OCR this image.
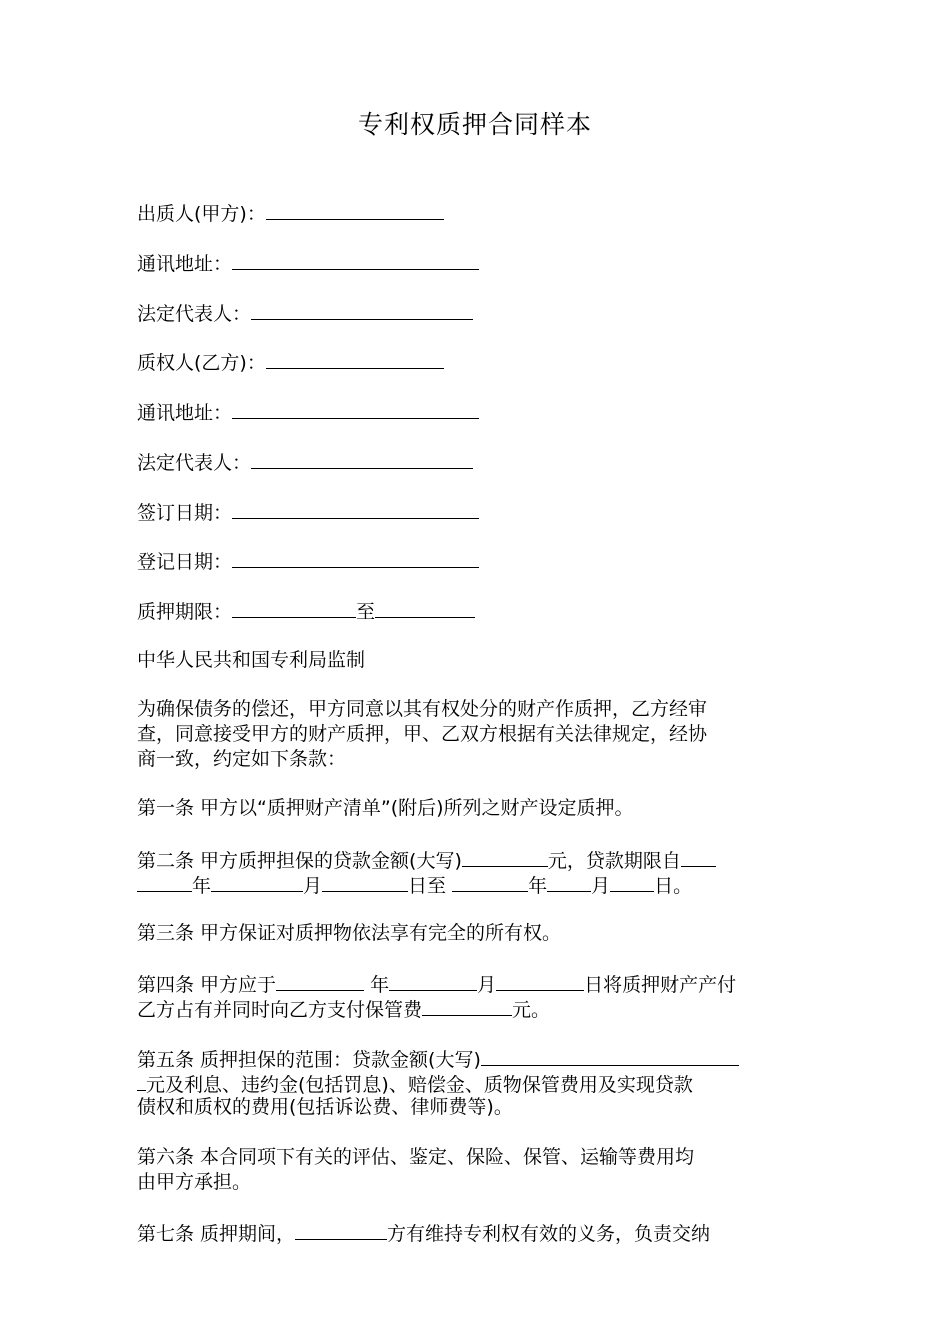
专利权质押合同样本

出质人(甲方)：

通讯地址：

法定代表人：

质权人(乙方)：

通讯地址：

法定代表人：

签订日期：

登记日期：

质押期限：	至

中华人民共和国专利局监制

为确保债务的偿还，甲方同意以其有权处分的财产作质押，乙方经审

查，同意接受甲方的财产质押，甲、乙双方根据有关法律规定，经协

商一致，约定如下条款：

第一条 甲方以“质押财产清单”(附后)所列之财产设定质押。

第二条 甲方质押担保的贷款金额(大写)	元，贷款期限自

年	月	日至	年 月 日。

第三条 甲方保证对质押物依法享有完全的所有权。

第四条 甲方应于	年	月	日将质押财产产付

乙方占有并同时向乙方支付保管费	元。

第五条 质押担保的范围：贷款金额(大写)

元及利息、违约金(包括罚息)、赔偿金、质物保管费用及实现贷款

债权和质权的费用(包括诉讼费、律师费等)。

第六条 本合同项下有关的评估、鉴定、保险、保管、运输等费用均

由甲方承担。

第七条 质押期间，	方有维持专利权有效的义务，负责交纳
